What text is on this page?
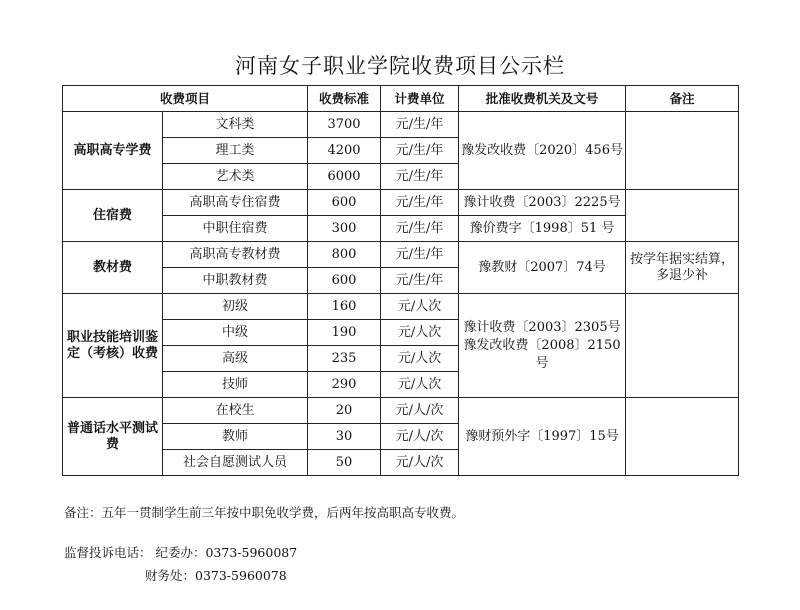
河南女子职业学院收费项目公示栏
收费项目		收费标准	计费单位	批准收费机关及文号	备注
高职高专学费	文科类	3700	元/生/年	豫发改收费〔2020〕456号	

	理工类	4200	元/生/年		
	艺术类	6000	元/生/年		
住宿费	高职高专住宿费	600	元/生/年	豫计收费〔2003〕2225号	
	中职住宿费	300	元/生/年	豫价费字〔1998〕51 号	
教材费	高职高专教材费	800	元/生/年	豫教财〔2007〕74号	按学年据实结算，多退少补
	中职教材费	600	元/生/年		
职业技能培训鉴定（考核）收费	初级	160	元/人次	豫计收费〔2003〕2305号
豫发改收费〔2008〕2150号	

	中级	190	元/人次		
	高级	235	元/人次		
	技师	290	元/人次		
普通话水平测试费	在校生	20	元/人/次	豫财预外字〔1997〕15号	

	教师	30	元/人/次		
	社会自愿测试人员	50	元/人/次		
备注：五年一贯制学生前三年按中职免收学费，后两年按高职高专收费。
监督投诉电话： 纪委办：0373-5960087
财务处：0373-5960078
